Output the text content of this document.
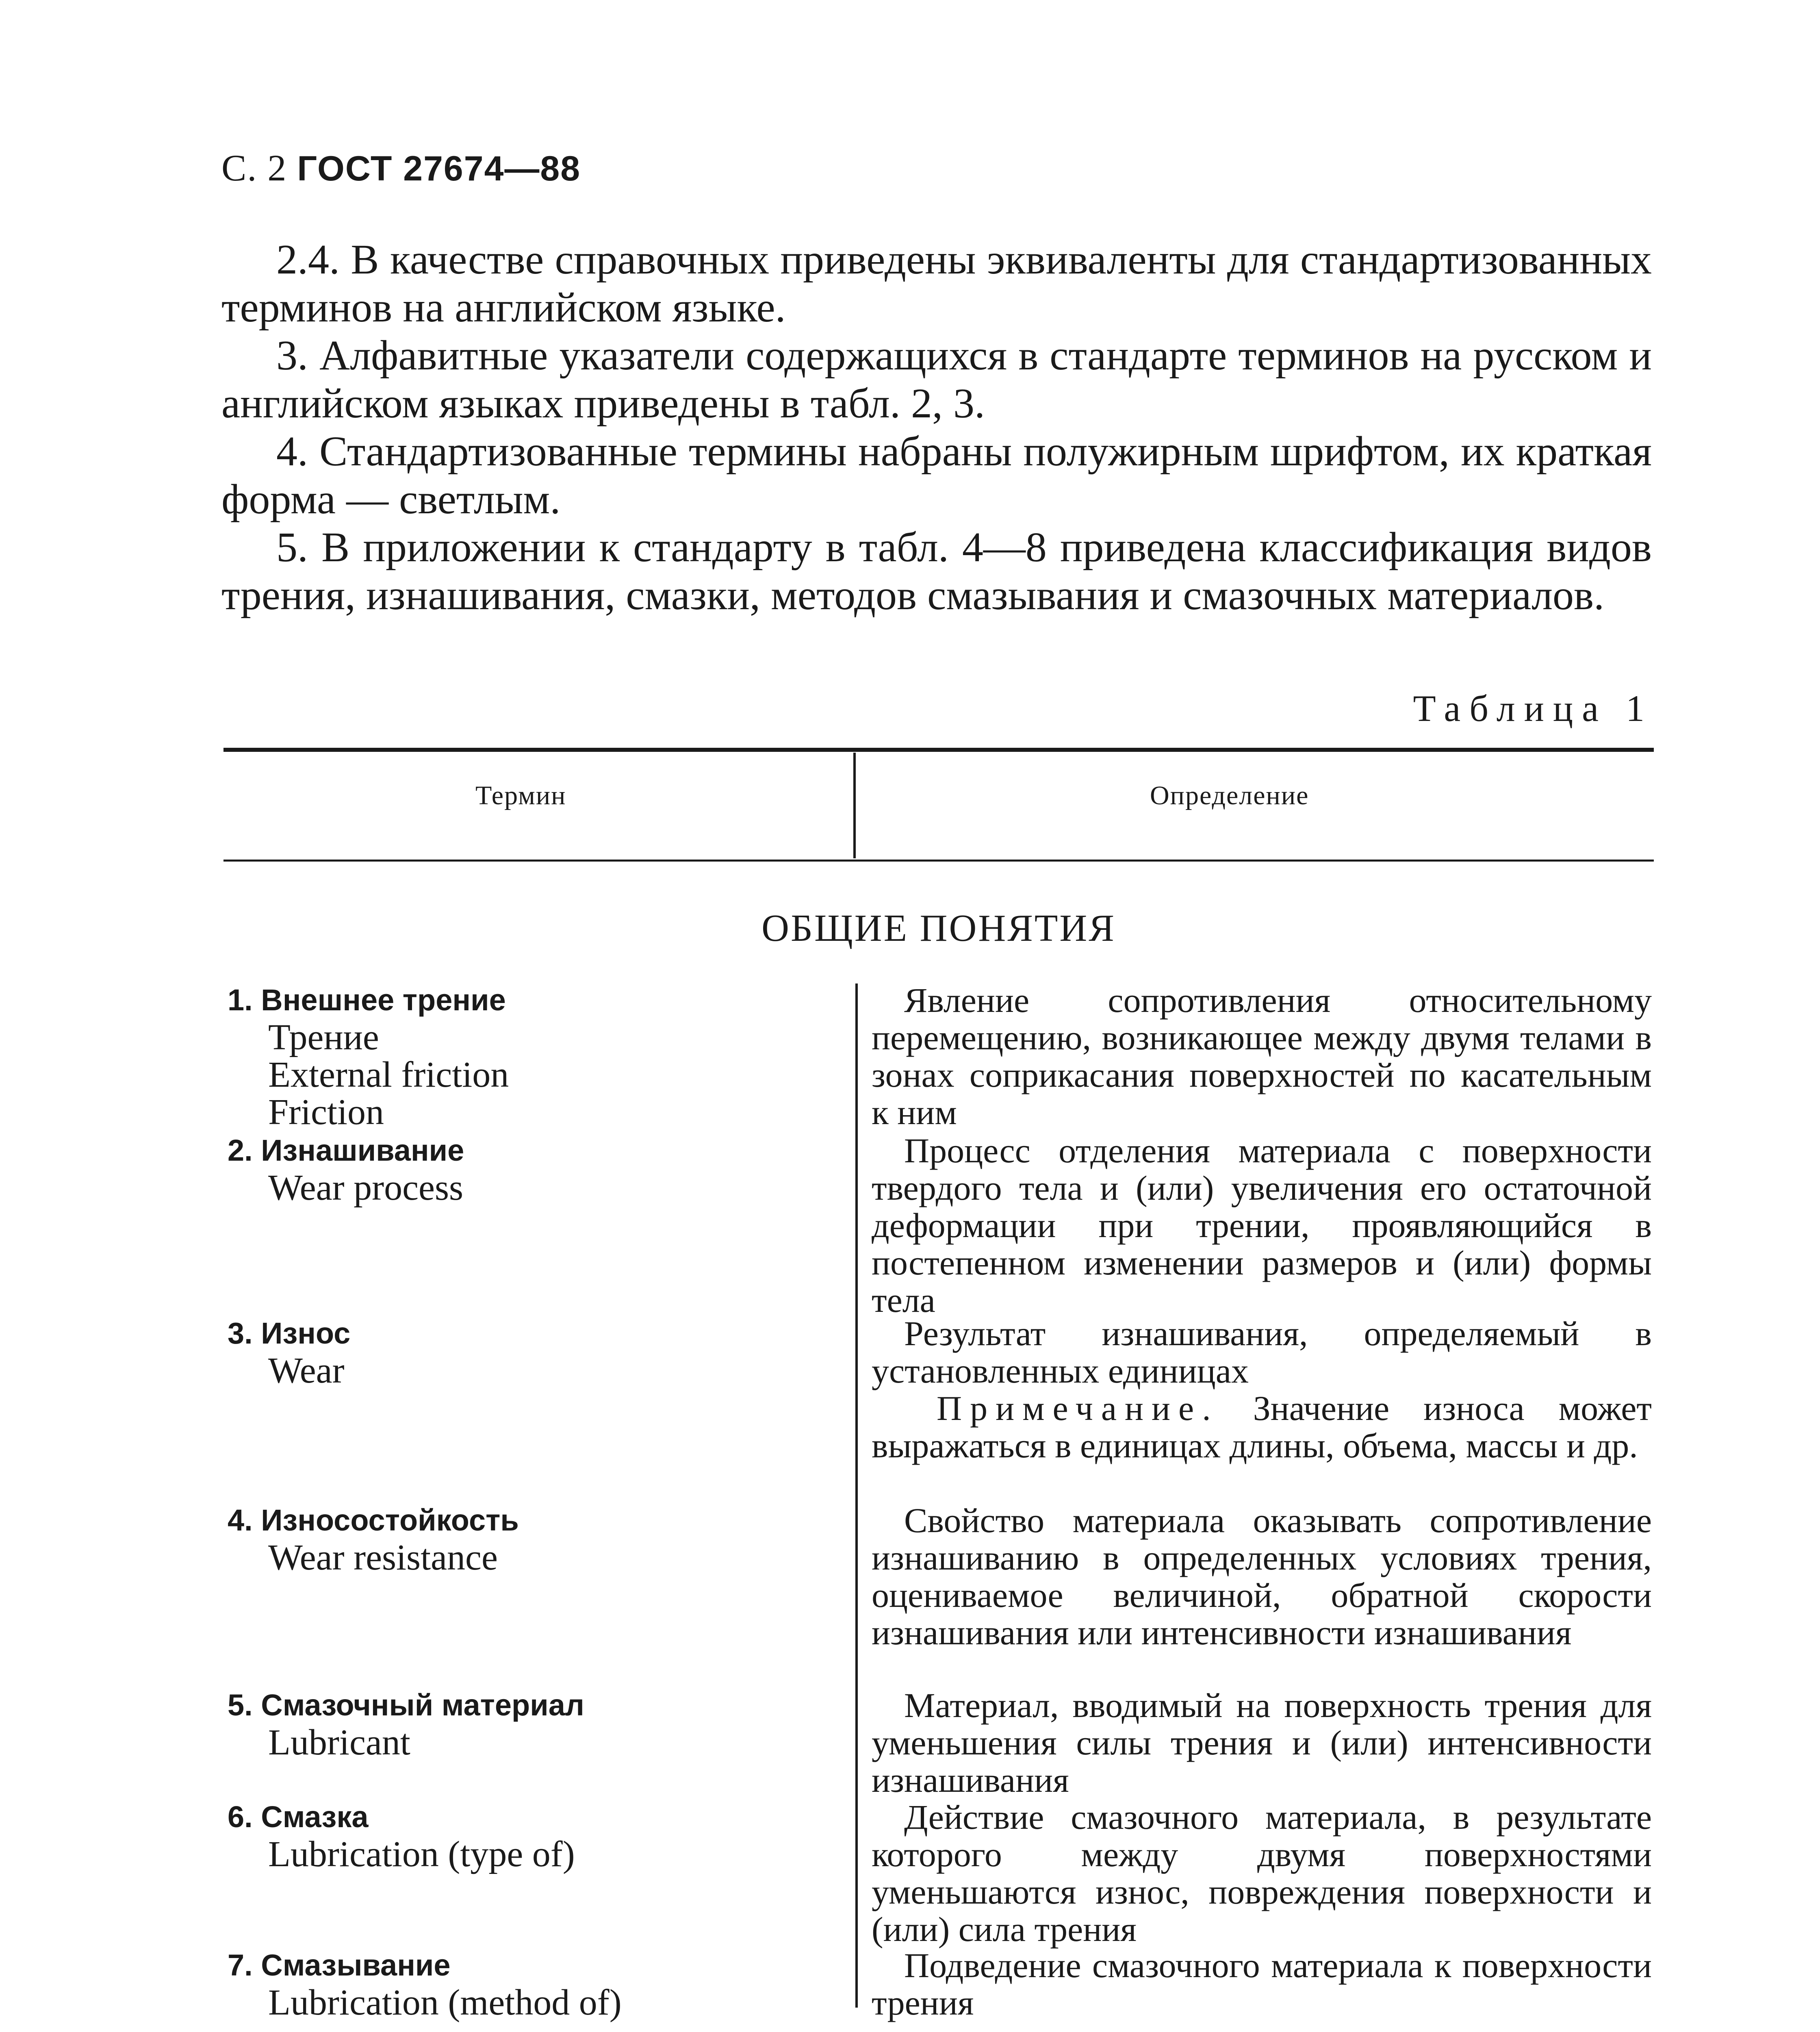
С. 2 ГОСТ 27674—88

2.4. В качестве справочных приведены эквиваленты для стандартизованных терминов на английском языке.

3. Алфавитные указатели содержащихся в стандарте терминов на русском и английском языках приведены в табл. 2, 3.

4. Стандартизованные термины набраны полужирным шрифтом, их краткая форма — светлым.

5. В приложении к стандарту в табл. 4—8 приведена классификация видов трения, изнашивания, смазки, методов смазывания и смазочных материалов.

Таблица 1
Термин	Определение
ОБЩИЕ ПОНЯТИЯ
1. Внешнее трение
Трение
External friction
Friction

Явление сопротивления относительному перемещению, возникающее между двумя телами в зонах соприкасания поверхностей по касательным к ним

2. Изнашивание
Wear process

Процесс отделения материала с поверхности твердого тела и (или) увеличения его остаточной деформации при трении, проявляющийся в постепенном изменении размеров и (или) формы тела

3. Износ
Wear

Результат изнашивания, определяемый в установленных единицах

Примечание. Значение износа может выражаться в единицах длины, объема, массы и др.

4. Износостойкость
Wear resistance

Свойство материала оказывать сопротивление изнашиванию в определенных условиях трения, оцениваемое величиной, обратной скорости изнашивания или интенсивности изнашивания

5. Смазочный материал
Lubricant

Материал, вводимый на поверхность трения для уменьшения силы трения и (или) интенсивности изнашивания

6. Смазка
Lubrication (type of)

Действие смазочного материала, в результате которого между двумя поверхностями уменьшаются износ, повреждения поверхности и (или) сила трения

7. Смазывание
Lubrication (method of)

Подведение смазочного материала к поверхности трения
